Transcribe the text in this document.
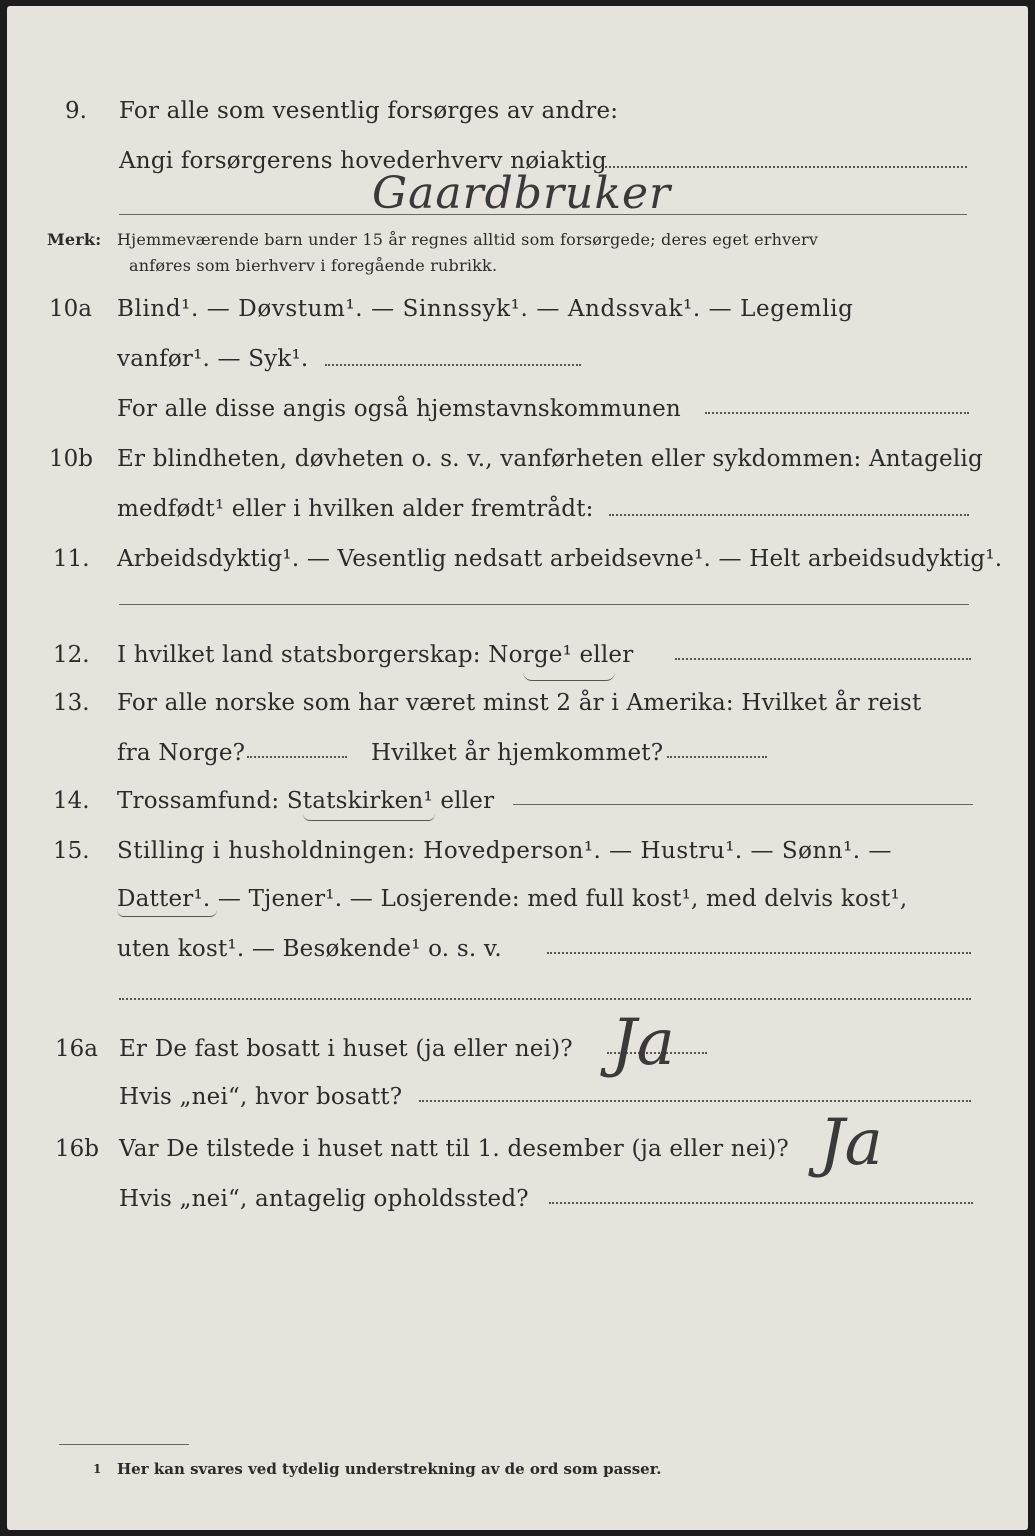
9. For alle som vesentlig forsørges av andre:
Angi forsørgerens hovederhverv nøiaktig
Gaardbruker
Merk: Hjemmeværende barn under 15 år regnes alltid som forsørgede; deres eget erhverv
anføres som bierhverv i foregående rubrikk.
10a Blind¹. — Døvstum¹. — Sinnssyk¹. — Andssvak¹. — Legemlig
vanfør¹. — Syk¹.
For alle disse angis også hjemstavnskommunen
10b Er blindheten, døvheten o. s. v., vanførheten eller sykdommen: Antagelig
medfødt¹ eller i hvilken alder fremtrådt:
11. Arbeidsdyktig¹. — Vesentlig nedsatt arbeidsevne¹. — Helt arbeidsudyktig¹.
12. I hvilket land statsborgerskap: Norge¹ eller
13. For alle norske som har været minst 2 år i Amerika: Hvilket år reist
fra Norge?	Hvilket år hjemkommet?
14. Trossamfund: Statskirken¹ eller
15. Stilling i husholdningen: Hovedperson¹. — Hustru¹. — Sønn¹. —
Datter¹. — Tjener¹. — Losjerende: med full kost¹, med delvis kost¹,
uten kost¹. — Besøkende¹ o. s. v.
16a Er De fast bosatt i huset (ja eller nei)? Ja
Hvis „nei“, hvor bosatt?
16b Var De tilstede i huset natt til 1. desember (ja eller nei)? Ja
Hvis „nei“, antagelig opholdssted?
1 Her kan svares ved tydelig understrekning av de ord som passer.
